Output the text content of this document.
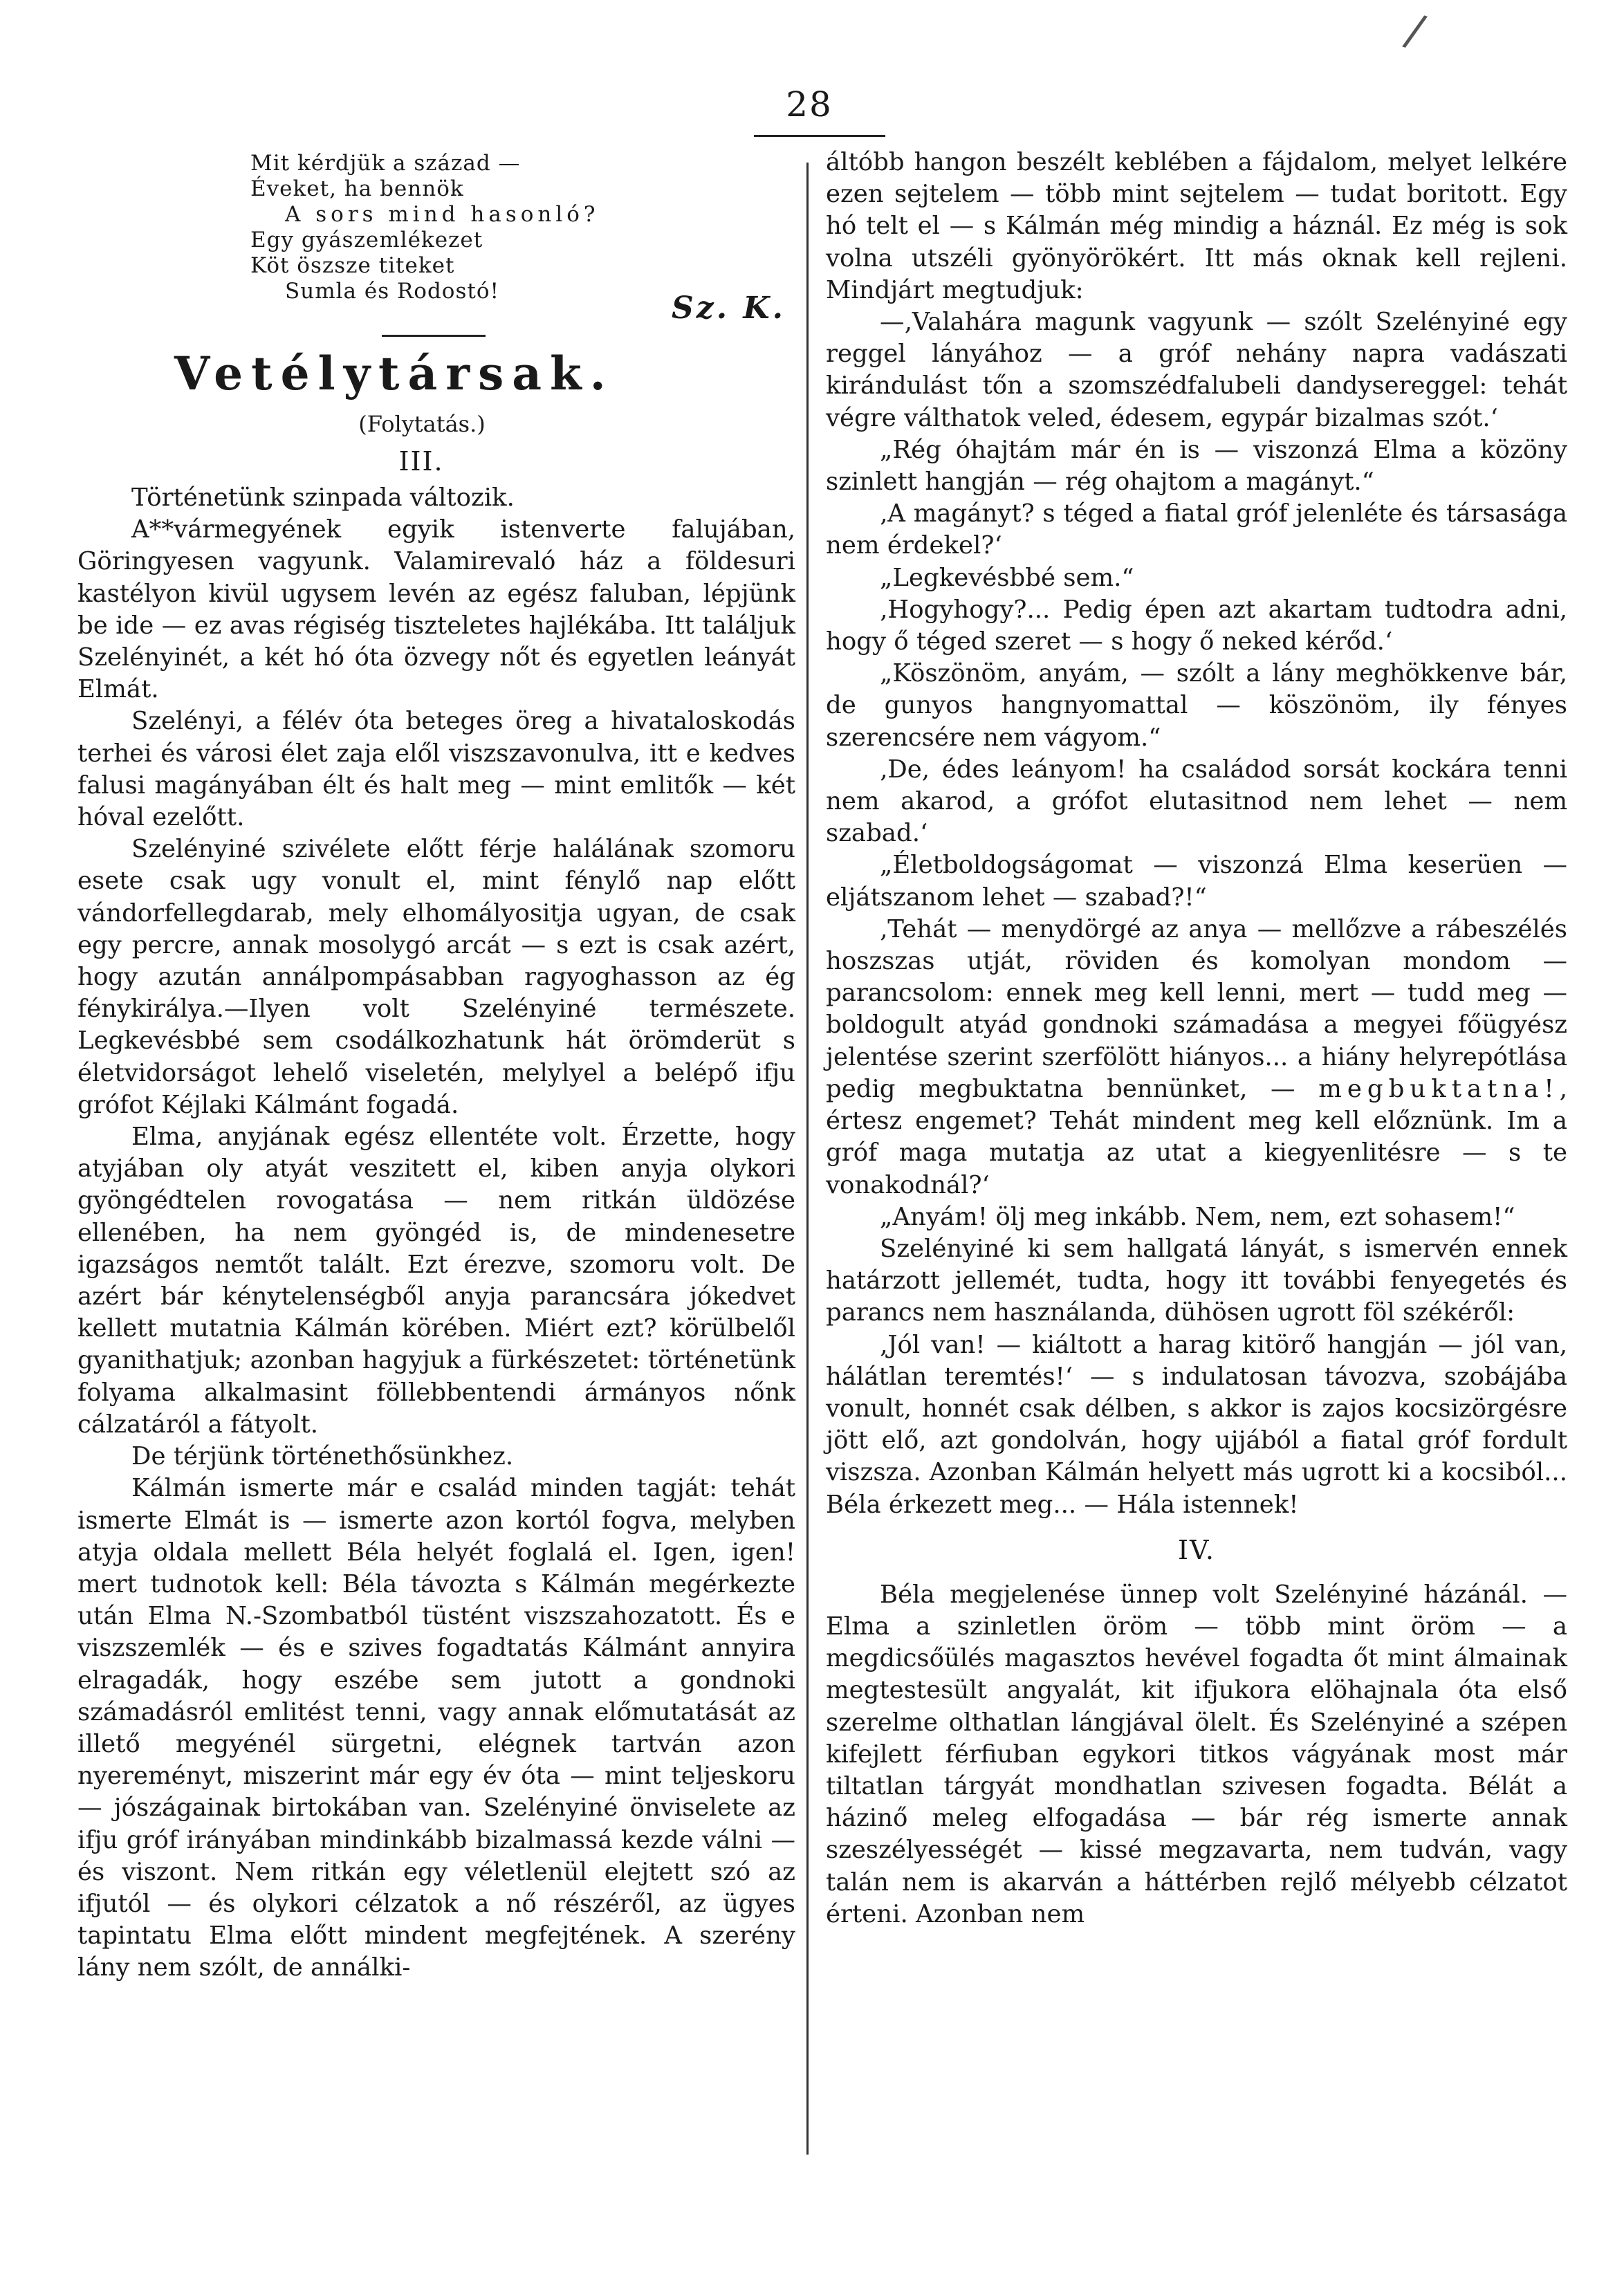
/
28
Mit kérdjük a század —
Éveket, ha bennök
A sors mind hasonló?
Egy gyászemlékezet
Köt öszsze titeket
Sumla és Rodostó!	Sz. K.
Vetélytársak.
(Folytatás.)
III.

Történetünk szinpada változik.

A**vármegyének egyik istenverte falujában, Göringyesen vagyunk. Valamirevaló ház a földesuri kastélyon kivül ugysem levén az egész faluban, lépjünk be ide — ez avas régiség tiszteletes hajlékába. Itt találjuk Szelényinét, a két hó óta özvegy nőt és egyetlen leányát Elmát.

Szelényi, a félév óta beteges öreg a hivataloskodás terhei és városi élet zaja elől viszszavonulva, itt e kedves falusi magányában élt és halt meg — mint emlitők — két hóval ezelőtt.

Szelényiné szivélete előtt férje halálának szomoru esete csak ugy vonult el, mint fénylő nap előtt vándorfellegdarab, mely elhomályositja ugyan, de csak egy percre, annak mosolygó arcát — s ezt is csak azért, hogy azután annálpompásabban ragyoghasson az ég fénykirálya.—Ilyen volt Szelényiné természete. Legkevésbbé sem csodálkozhatunk hát örömderüt s életvidorságot lehelő viseletén, melylyel a belépő ifju grófot Kéjlaki Kálmánt fogadá.

Elma, anyjának egész ellentéte volt. Érzette, hogy atyjában oly atyát veszitett el, kiben anyja olykori gyöngédtelen rovogatása — nem ritkán üldözése ellenében, ha nem gyöngéd is, de mindenesetre igazságos nemtőt talált. Ezt érezve, szomoru volt. De azért bár kénytelenségből anyja parancsára jókedvet kellett mutatnia Kálmán körében. Miért ezt? körülbelől gyanithatjuk; azonban hagyjuk a fürkészetet: történetünk folyama alkalmasint föllebbentendi ármányos nőnk cálzatáról a fátyolt.

De térjünk történethősünkhez.

Kálmán ismerte már e család minden tagját: tehát ismerte Elmát is — ismerte azon kortól fogva, melyben atyja oldala mellett Béla helyét foglalá el. Igen, igen! mert tudnotok kell: Béla távozta s Kálmán megérkezte után Elma N.-Szombatból tüstént viszszahozatott. És e viszszemlék — és e szives fogadtatás Kálmánt annyira elragadák, hogy eszébe sem jutott a gondnoki számadásról emlitést tenni, vagy annak előmutatását az illető megyénél sürgetni, elégnek tartván azon nyereményt, miszerint már egy év óta — mint teljeskoru — jószágainak birtokában van. Szelényiné önviselete az ifju gróf irányában mindinkább bizalmassá kezde válni — és viszont. Nem ritkán egy véletlenül elejtett szó az ifjutól — és olykori célzatok a nő részéről, az ügyes tapintatu Elma előtt mindent megfejtének. A szerény lány nem szólt, de annálki-

áltóbb hangon beszélt keblében a fájdalom, melyet lelkére ezen sejtelem — több mint sejtelem — tudat boritott. Egy hó telt el — s Kálmán még mindig a háznál. Ez még is sok volna utszéli gyönyörökért. Itt más oknak kell rejleni. Mindjárt megtudjuk:

—‚Valahára magunk vagyunk — szólt Szelényiné egy reggel lányához — a gróf nehány napra vadászati kirándulást tőn a szomszédfalubeli dandysereggel: tehát végre válthatok veled, édesem, egypár bizalmas szót.‘

„Rég óhajtám már én is — viszonzá Elma a közöny szinlett hangján — rég ohajtom a magányt.“

‚A magányt? s téged a fiatal gróf jelenléte és társasága nem érdekel?‘

„Legkevésbbé sem.“

‚Hogyhogy?... Pedig épen azt akartam tudtodra adni, hogy ő téged szeret — s hogy ő neked kérőd.‘

„Köszönöm, anyám, — szólt a lány meghökkenve bár, de gunyos hangnyomattal — köszönöm, ily fényes szerencsére nem vágyom.“

‚De, édes leányom! ha családod sorsát kockára tenni nem akarod, a grófot elutasitnod nem lehet — nem szabad.‘

„Életboldogságomat — viszonzá Elma keserüen — eljátszanom lehet — szabad?!“

‚Tehát — menydörgé az anya — mellőzve a rábeszélés hoszszas utját, röviden és komolyan mondom — parancsolom: ennek meg kell lenni, mert — tudd meg — boldogult atyád gondnoki számadása a megyei főügyész jelentése szerint szerfölött hiányos... a hiány helyrepótlása pedig megbuktatna bennünket, — megbuktatna!, értesz engemet? Tehát mindent meg kell előznünk. Im a gróf maga mutatja az utat a kiegyenlitésre — s te vonakodnál?‘

„Anyám! ölj meg inkább. Nem, nem, ezt sohasem!“

Szelényiné ki sem hallgatá lányát, s ismervén ennek határzott jellemét, tudta, hogy itt további fenyegetés és parancs nem használanda, dühösen ugrott föl székéről:

‚Jól van! — kiáltott a harag kitörő hangján — jól van, hálátlan teremtés!‘ — s indulatosan távozva, szobájába vonult, honnét csak délben, s akkor is zajos kocsizörgésre jött elő, azt gondolván, hogy ujjából a fiatal gróf fordult viszsza. Azonban Kálmán helyett más ugrott ki a kocsiból... Béla érkezett meg... — Hála istennek!

IV.

Béla megjelenése ünnep volt Szelényiné házánál. — Elma a szinletlen öröm — több mint öröm — a megdicsőülés magasztos hevével fogadta őt mint álmainak megtestesült angyalát, kit ifjukora elöhajnala óta első szerelme olthatlan lángjával ölelt. És Szelényiné a szépen kifejlett férfiuban egykori titkos vágyának most már tiltatlan tárgyát mondhatlan szivesen fogadta. Bélát a házinő meleg elfogadása — bár rég ismerte annak szeszélyességét — kissé megzavarta, nem tudván, vagy talán nem is akarván a háttérben rejlő mélyebb célzatot érteni. Azonban nem
